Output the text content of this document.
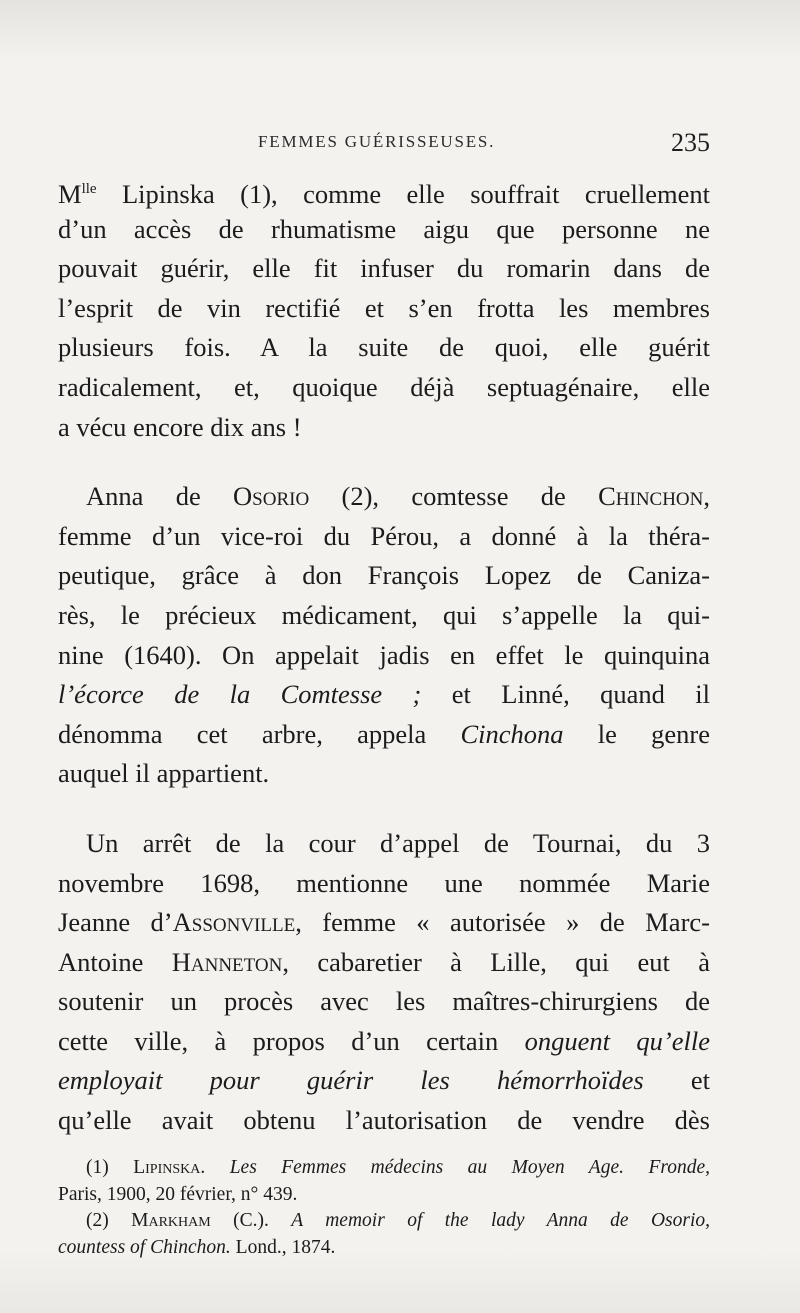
FEMMES GUÉRISSEUSES.	235
$M^{lle}$ Lipinska (1), comme elle souffrait cruellement
d’un accès de rhumatisme aigu que personne ne
pouvait guérir, elle fit infuser du romarin dans de
l’esprit de vin rectifié et s’en frotta les membres
plusieurs fois. A la suite de quoi, elle guérit
radicalement, et, quoique déjà septuagénaire, elle
a vécu encore dix ans !
Anna de Osorio (2), comtesse de Chinchon,
femme d’un vice-roi du Pérou, a donné à la théra-
peutique, grâce à don François Lopez de Caniza-
rès, le précieux médicament, qui s’appelle la qui-
nine (1640). On appelait jadis en effet le quinquina
l’écorce de la Comtesse ; et Linné, quand il
dénomma cet arbre, appela Cinchona le genre
auquel il appartient.
Un arrêt de la cour d’appel de Tournai, du 3
novembre 1698, mentionne une nommée Marie
Jeanne d’Assonville, femme « autorisée » de Marc-
Antoine Hanneton, cabaretier à Lille, qui eut à
soutenir un procès avec les maîtres-chirurgiens de
cette ville, à propos d’un certain onguent qu’elle
employait pour guérir les hémorrhoïdes et
qu’elle avait obtenu l’autorisation de vendre dès
(1) Lipinska. Les Femmes médecins au Moyen Age. Fronde,
Paris, 1900, 20 février, n° 439.
(2) Markham (C.). A memoir of the lady Anna de Osorio,
countess of Chinchon. Lond., 1874.
